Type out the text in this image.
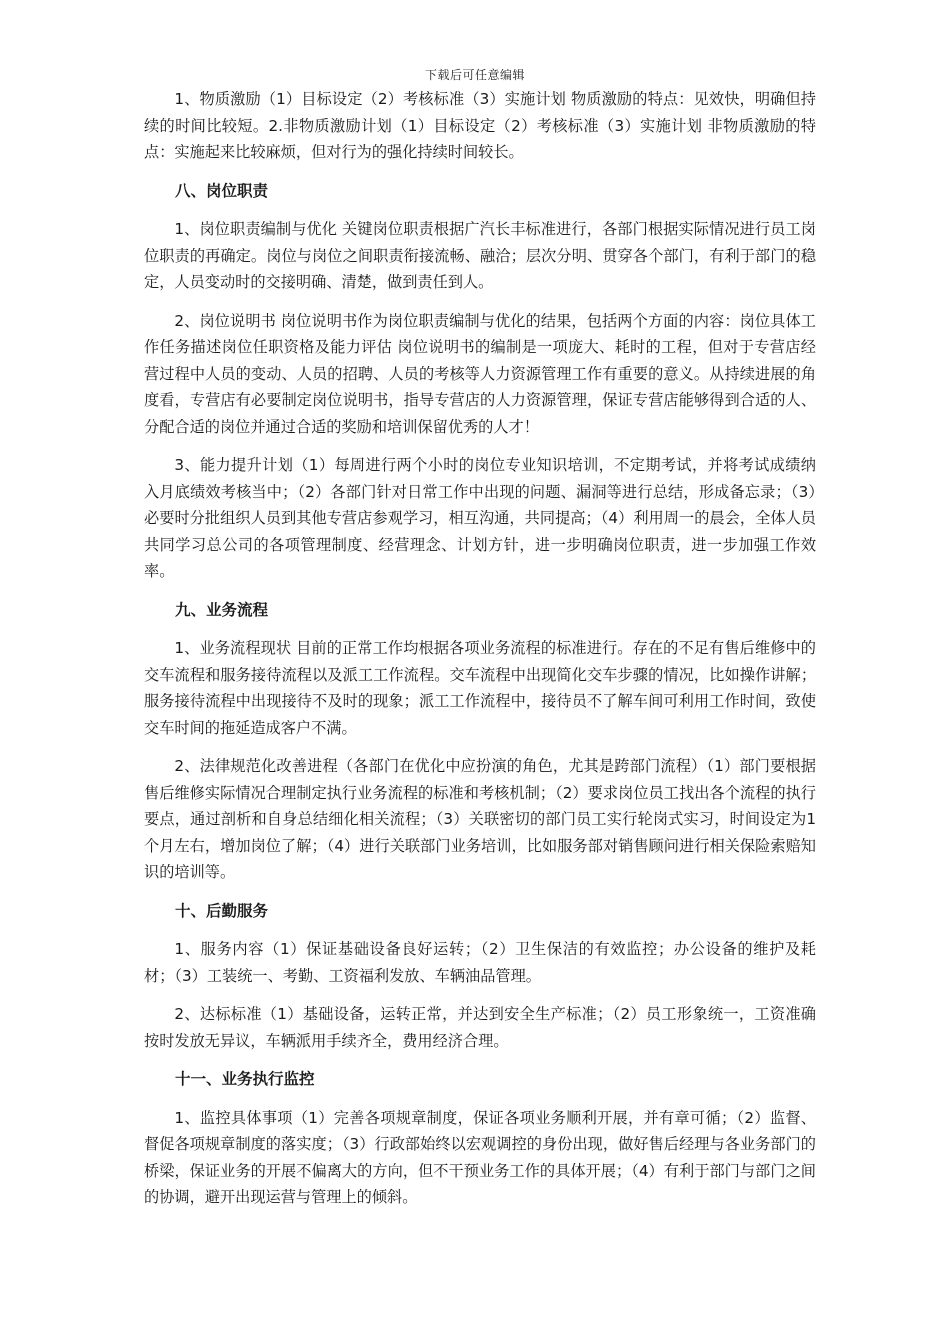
下载后可任意编辑

1、物质激励（1）目标设定（2）考核标准（3）实施计划 物质激励的特点：见效快，明确但持续的时间比较短。2.非物质激励计划（1）目标设定（2）考核标准（3）实施计划 非物质激励的特点：实施起来比较麻烦，但对行为的强化持续时间较长。

八、岗位职责

1、岗位职责编制与优化 关键岗位职责根据广汽长丰标准进行，各部门根据实际情况进行员工岗位职责的再确定。岗位与岗位之间职责衔接流畅、融洽；层次分明、贯穿各个部门，有利于部门的稳定，人员变动时的交接明确、清楚，做到责任到人。

2、岗位说明书 岗位说明书作为岗位职责编制与优化的结果，包括两个方面的内容：岗位具体工作任务描述岗位任职资格及能力评估 岗位说明书的编制是一项庞大、耗时的工程，但对于专营店经营过程中人员的变动、人员的招聘、人员的考核等人力资源管理工作有重要的意义。从持续进展的角度看，专营店有必要制定岗位说明书，指导专营店的人力资源管理，保证专营店能够得到合适的人、分配合适的岗位并通过合适的奖励和培训保留优秀的人才！

3、能力提升计划（1）每周进行两个小时的岗位专业知识培训，不定期考试，并将考试成绩纳入月底绩效考核当中；（2）各部门针对日常工作中出现的问题、漏洞等进行总结，形成备忘录；（3）必要时分批组织人员到其他专营店参观学习，相互沟通，共同提高；（4）利用周一的晨会，全体人员共同学习总公司的各项管理制度、经营理念、计划方针，进一步明确岗位职责，进一步加强工作效率。

九、业务流程

1、业务流程现状 目前的正常工作均根据各项业务流程的标准进行。存在的不足有售后维修中的交车流程和服务接待流程以及派工工作流程。交车流程中出现简化交车步骤的情况，比如操作讲解；服务接待流程中出现接待不及时的现象；派工工作流程中，接待员不了解车间可利用工作时间，致使交车时间的拖延造成客户不满。

2、法律规范化改善进程（各部门在优化中应扮演的角色，尤其是跨部门流程）（1）部门要根据售后维修实际情况合理制定执行业务流程的标准和考核机制；（2）要求岗位员工找出各个流程的执行要点，通过剖析和自身总结细化相关流程；（3）关联密切的部门员工实行轮岗式实习，时间设定为1个月左右，增加岗位了解；（4）进行关联部门业务培训，比如服务部对销售顾问进行相关保险索赔知识的培训等。

十、后勤服务

1、服务内容（1）保证基础设备良好运转；（2）卫生保洁的有效监控；办公设备的维护及耗材；（3）工装统一、考勤、工资福利发放、车辆油品管理。

2、达标标准（1）基础设备，运转正常，并达到安全生产标准；（2）员工形象统一，工资准确按时发放无异议，车辆派用手续齐全，费用经济合理。

十一、业务执行监控

1、监控具体事项（1）完善各项规章制度，保证各项业务顺利开展，并有章可循；（2）监督、督促各项规章制度的落实度；（3）行政部始终以宏观调控的身份出现，做好售后经理与各业务部门的桥梁，保证业务的开展不偏离大的方向，但不干预业务工作的具体开展；（4）有利于部门与部门之间的协调，避开出现运营与管理上的倾斜。
